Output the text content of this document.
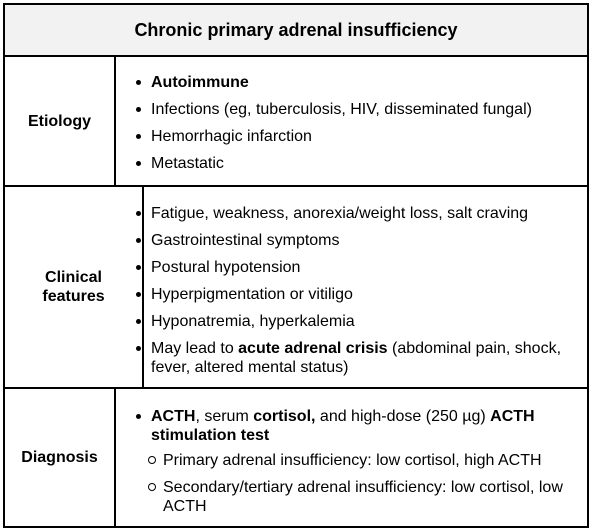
Chronic primary adrenal insufficiency
Etiology
Autoimmune
Infections (eg, tuberculosis, HIV, disseminated fungal)
Hemorrhagic infarction
Metastatic
Clinical features
Fatigue, weakness, anorexia/weight loss, salt craving
Gastrointestinal symptoms
Postural hypotension
Hyperpigmentation or vitiligo
Hyponatremia, hyperkalemia
May lead to acute adrenal crisis (abdominal pain, shock, fever, altered mental status)
Diagnosis
ACTH, serum cortisol, and high-dose (250 µg) ACTH stimulation test
Primary adrenal insufficiency: low cortisol, high ACTH
Secondary/tertiary adrenal insufficiency: low cortisol, low ACTH
